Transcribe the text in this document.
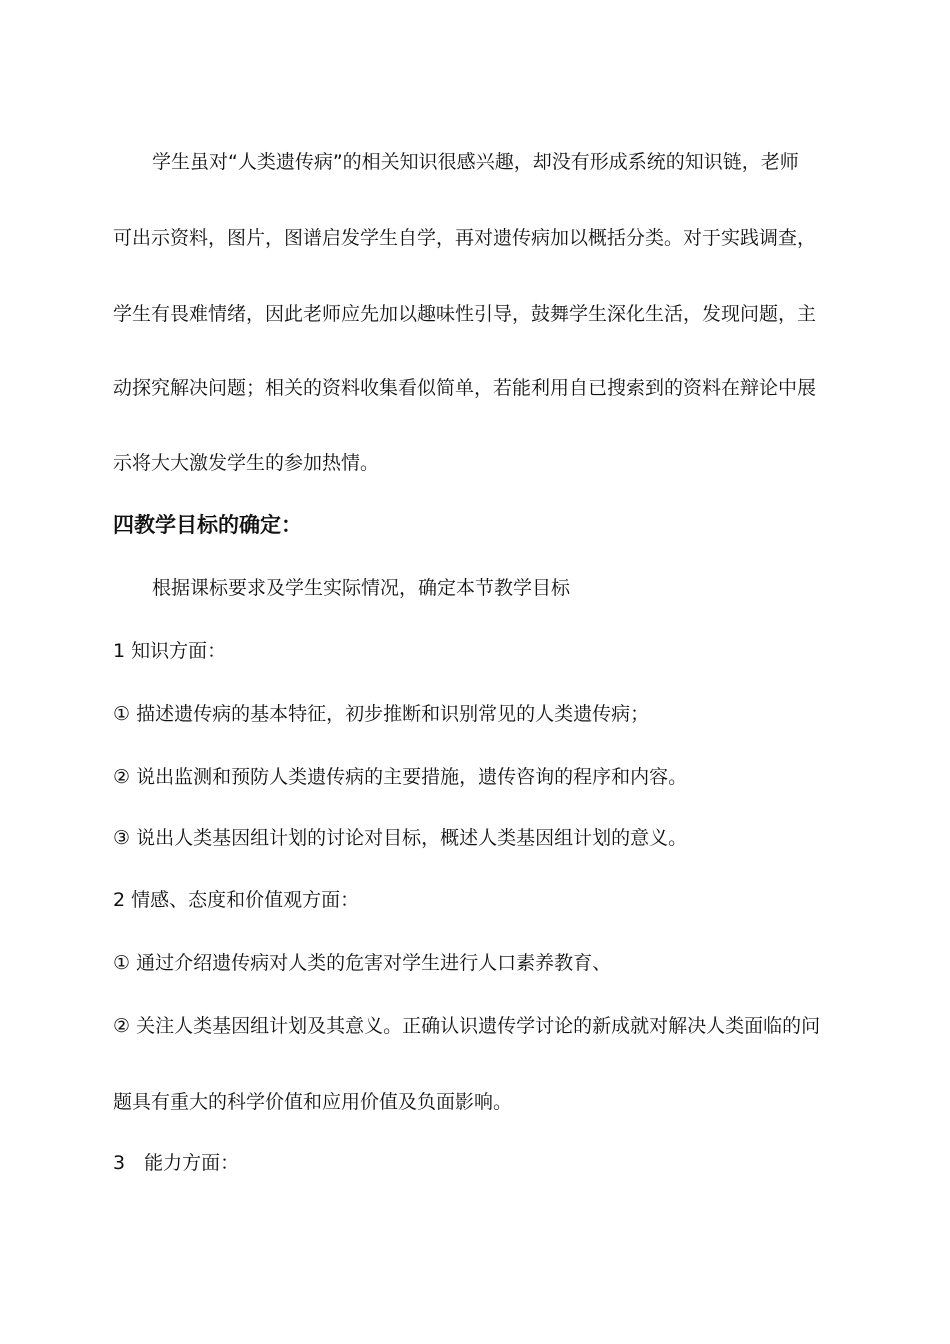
学生虽对“人类遗传病”的相关知识很感兴趣，却没有形成系统的知识链，老师
可出示资料，图片，图谱启发学生自学，再对遗传病加以概括分类。对于实践调查，
学生有畏难情绪，因此老师应先加以趣味性引导，鼓舞学生深化生活，发现问题，主
动探究解决问题；相关的资料收集看似简单，若能利用自已搜索到的资料在辩论中展
示将大大激发学生的参加热情。
四教学目标的确定：
根据课标要求及学生实际情况，确定本节教学目标
1 知识方面：
① 描述遗传病的基本特征，初步推断和识别常见的人类遗传病；
② 说出监测和预防人类遗传病的主要措施，遗传咨询的程序和内容。
③ 说出人类基因组计划的讨论对目标，概述人类基因组计划的意义。
2 情感、态度和价值观方面：
① 通过介绍遗传病对人类的危害对学生进行人口素养教育、
② 关注人类基因组计划及其意义。正确认识遗传学讨论的新成就对解决人类面临的问
题具有重大的科学价值和应用价值及负面影响。
3　能力方面：
